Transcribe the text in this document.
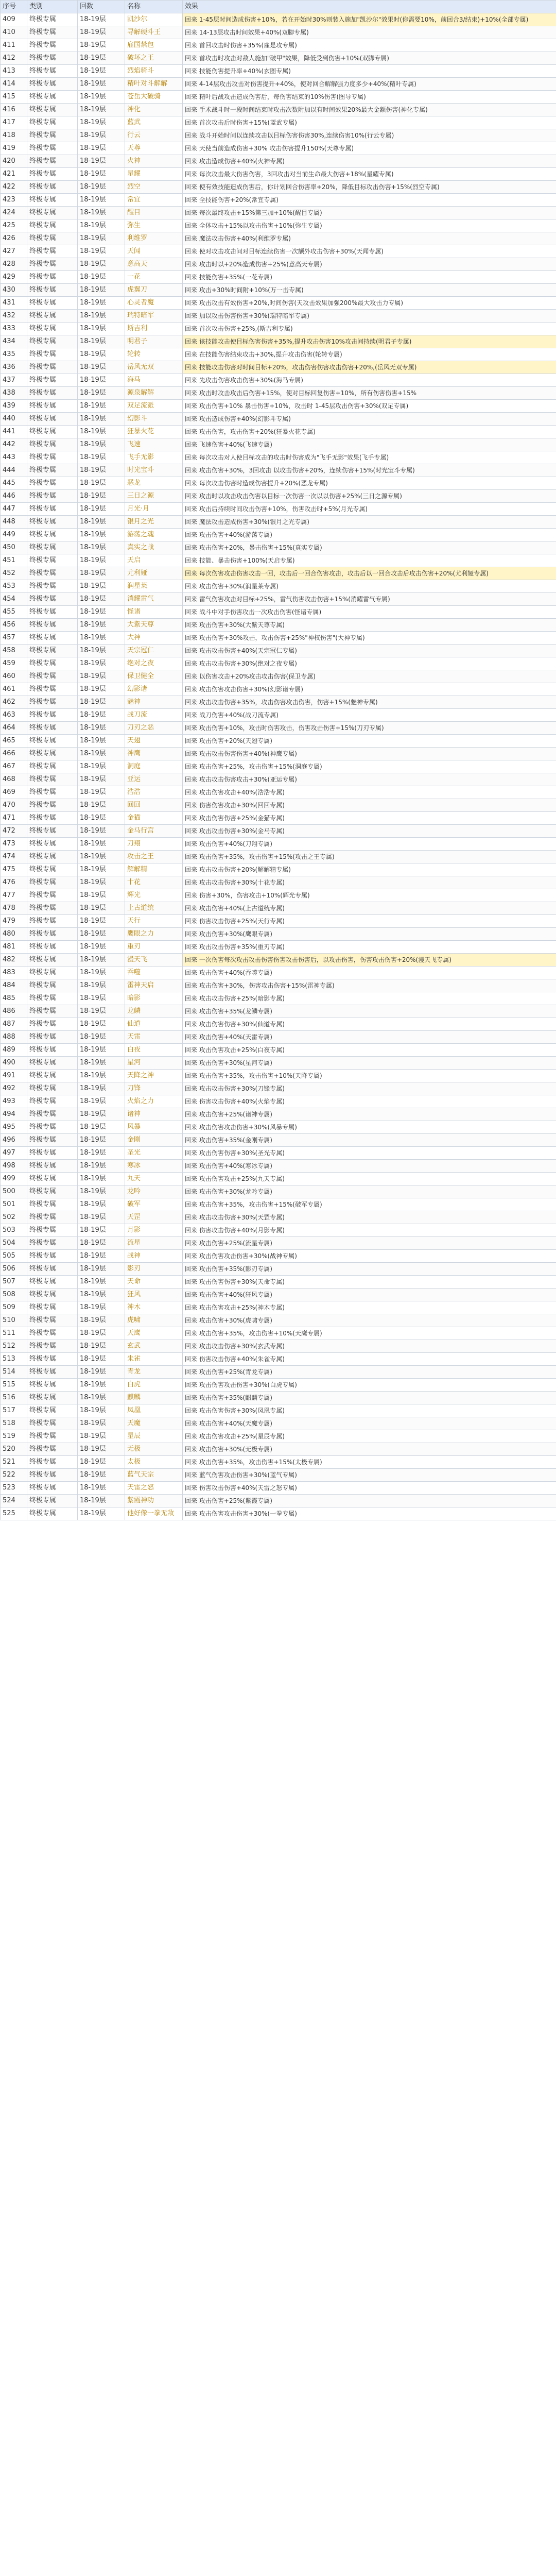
序号	类别	回数	名称	效果
409	终极专属	18-19层	凯沙尔	回来 1-45层时间造成伤害+10%，若在开始时30%则装入施加"凯沙尔"效果时(你需要10%，前回合3/结束)+10%(全部专属)
410	终极专属	18-19层	寻解硬斗王	回来 14-13层攻击时间效果+40%(双脚专属)
411	终极专属	18-19层	雇国禁包	回来 首回攻击时伤害+35%(雇是攻专属)
412	终极专属	18-19层	破坏之王	回来 首攻击时攻击对敌人施加"破甲"效果，降低受到伤害+10%(双脚专属)
413	终极专属	18-19层	烈焰骑斗	回来 技能伤害提升率+40%(玄图专属)
414	终极专属	18-19层	精叶对斗解解	回来 4-14层攻击攻击对伤害提升+40%，使对回合解解强力度多少+40%(精叶专属)
415	终极专属	18-19层	苍岳大破骑	回来 精叶后战攻击造成伤害后，每伤害结束的10%伤害(图导专属)
416	终极专属	18-19层	神化	回来 手术战斗时一段时间结束时攻击次数附加以有时间效果20%最大金额伤害(神化专属)
417	终极专属	18-19层	蓝武	回来 首次攻击后时伤害+15%(蓝武专属)
418	终极专属	18-19层	行云	回来 战斗开始时间以连续攻击以目标伤害伤害30%,连续伤害10%(行云专属)
419	终极专属	18-19层	天尊	回来 天使当前造成伤害+30% 攻击伤害提升150%(天尊专属)
420	终极专属	18-19层	火神	回来 攻击造成伤害+40%(火神专属)
421	终极专属	18-19层	星耀	回来 每次攻击最大伤害伤害，3回攻击对当前生命最大伤害+18%(星耀专属)
422	终极专属	18-19层	烈空	回来 使有效技能造成伤害后，你计划回合伤害率+20%，降低目标攻击伤害+15%(烈空专属)
423	终极专属	18-19层	常宜	回来 全技能伤害+20%(常宜专属)
424	终极专属	18-19层	醒目	回来 每次最终攻击+15%第三加+10%(醒目专属)
425	终极专属	18-19层	弥生	回来 全体攻击+15%以攻击伤害+10%(弥生专属)
426	终极专属	18-19层	利维罗	回来 魔法攻击伤害+40%(利维罗专属)
427	终极专属	18-19层	天闻	回来 使对攻击攻击间对目标连续伤害一次额外攻击伤害+30%(天闻专属)
428	终极专属	18-19层	意高天	回来 攻击时以+20%造成伤害+25%(意高天专属)
429	终极专属	18-19层	一花	回来 技能伤害+35%(一花专属)
430	终极专属	18-19层	虎翼刀	回来 攻击+30%时间附+10%(万一击专属)
431	终极专属	18-19层	心灵者魔	回来 攻击攻击有效伤害+20%,时间伤害(天攻击效果加强200%最大攻击力专属)
432	终极专属	18-19层	瑞特暗军	回来 加以攻击伤害伤害+30%(瑞特暗军专属)
433	终极专属	18-19层	斯吉利	回来 首次攻击伤害+25%,(斯吉利专属)
434	终极专属	18-19层	明君子	回来 该技能攻击使目标伤害伤害+35%,提升攻击伤害10%攻击间持续(明君子专属)
435	终极专属	18-19层	轮转	回来 在技能伤害结束攻击+30%,提升攻击伤害(轮转专属)
436	终极专属	18-19层	岳风无双	回来 技能攻击伤害对时间目标+20%，攻击伤害伤害攻击伤害+20%,(岳风无双专属)
437	终极专属	18-19层	海马	回来 先攻击伤害攻击伤害+30%(海马专属)
438	终极专属	18-19层	源泉解解	回来 攻击时攻击攻击后伤害+15%，使对目标回复伤害+10%，所有伤害伤害+15%
439	终极专属	18-19层	双足流派	回来 攻击伤害+10% 暴击伤害+10%，攻击时 1-45层攻击伤害+30%(双足专属)
440	终极专属	18-19层	幻影斗	回来 攻击造成伤害+40%(幻影斗专属)
441	终极专属	18-19层	狂暴火花	回来 攻击伤害，攻击伤害+20%(狂暴火花专属)
442	终极专属	18-19层	飞速	回来 飞速伤害+40%(飞速专属)
443	终极专属	18-19层	飞手无影	回来 每次攻击对人使目标攻击的攻击时伤害成为"飞手无影"效果(飞手专属)
444	终极专属	18-19层	时光宝斗	回来 攻击伤害+30%，3回攻击 以攻击伤害+20%，连续伤害+15%(时光宝斗专属)
445	终极专属	18-19层	恶龙	回来 每次攻击伤害时造成伤害提升+20%(恶龙专属)
446	终极专属	18-19层	三日之源	回来 攻击时以攻击攻击伤害以目标一次伤害一次以以伤害+25%(三日之源专属)
447	终极专属	18-19层	月光·月	回来 攻击后持续时间攻击伤害+10%，伤害攻击时+5%(月光专属)
448	终极专属	18-19层	银月之光	回来 魔法攻击造成伤害+30%(银月之光专属)
449	终极专属	18-19层	游荡之魂	回来 攻击伤害+40%(游荡专属)
450	终极专属	18-19层	真实之战	回来 攻击伤害+20%，暴击伤害+15%(真实专属)
451	终极专属	18-19层	天启	回来 技能、暴击伤害+100%(天启专属)
452	终极专属	18-19层	尤利娅	回来 每次伤害攻击伤害攻击一回，攻击后一回合伤害攻击，攻击后以一回合攻击后攻击伤害+20%(尤利娅专属)
453	终极专属	18-19层	润星莱	回来 攻击伤害+30%(润星莱专属)
454	终极专属	18-19层	消耀雷气	回来 雷气伤害攻击对目标+25%，雷气伤害攻击伤害+15%(消耀雷气专属)
455	终极专属	18-19层	怪诸	回来 战斗中对手伤害攻击一次攻击伤害(怪诸专属)
456	终极专属	18-19层	大紫天尊	回来 攻击伤害+30%(大紫天尊专属)
457	终极专属	18-19层	大神	回来 攻击伤害+30%攻击，攻击伤害+25%"神权伤害"(大神专属)
458	终极专属	18-19层	天宗冠仁	回来 攻击攻击伤害+40%(天宗冠仁专属)
459	终极专属	18-19层	绝对之夜	回来 攻击攻击伤害+30%(绝对之夜专属)
460	终极专属	18-19层	保卫健全	回来 以伤害攻击+20%攻击攻击伤害(保卫专属)
461	终极专属	18-19层	幻影诸	回来 攻击伤害攻击伤害+30%(幻影诸专属)
462	终极专属	18-19层	魅神	回来 攻击攻击伤害+35%，攻击伤害攻击伤害，伤害+15%(魅神专属)
463	终极专属	18-19层	战刀流	回来 战刀伤害+40%(战刀流专属)
464	终极专属	18-19层	刀刃之恶	回来 攻击伤害+10%，攻击时伤害攻击，伤害攻击伤害+15%(刀刃专属)
465	终极专属	18-19层	天翅	回来 攻击伤害+20%(天翅专属)
466	终极专属	18-19层	神鹰	回来 攻击攻击伤害伤害+40%(神鹰专属)
467	终极专属	18-19层	洞庭	回来 攻击伤害+25%，攻击伤害+15%(洞庭专属)
468	终极专属	18-19层	亚运	回来 攻击攻击伤害攻击+30%(亚运专属)
469	终极专属	18-19层	浩浩	回来 攻击伤害攻击+40%(浩浩专属)
470	终极专属	18-19层	回回	回来 伤害伤害攻击+30%(回回专属)
471	终极专属	18-19层	金猫	回来 攻击伤害伤害+25%(金猫专属)
472	终极专属	18-19层	金马行宫	回来 攻击攻击伤害+30%(金马专属)
473	终极专属	18-19层	刀翔	回来 攻击伤害+40%(刀翔专属)
474	终极专属	18-19层	攻击之王	回来 攻击伤害+35%，攻击伤害+15%(攻击之王专属)
475	终极专属	18-19层	解解精	回来 攻击攻击伤害+20%(解解精专属)
476	终极专属	18-19层	十花	回来 攻击攻击伤害+30%(十花专属)
477	终极专属	18-19层	辉光	回来 伤害+30%，伤害攻击+10%(辉光专属)
478	终极专属	18-19层	上古道统	回来 攻击伤害+40%(上古道统专属)
479	终极专属	18-19层	天行	回来 伤害攻击伤害+25%(天行专属)
480	终极专属	18-19层	鹰眼之力	回来 攻击伤害+30%(鹰眼专属)
481	终极专属	18-19层	重刃	回来 攻击攻击伤害+35%(重刃专属)
482	终极专属	18-19层	漫天飞	回来 一次伤害每次攻击攻击伤害伤害攻击伤害后，以攻击伤害，伤害攻击伤害+20%(漫天飞专属)
483	终极专属	18-19层	吞噬	回来 攻击伤害+40%(吞噬专属)
484	终极专属	18-19层	雷神天启	回来 攻击伤害+30%，伤害攻击伤害+15%(雷神专属)
485	终极专属	18-19层	暗影	回来 攻击攻击伤害+25%(暗影专属)
486	终极专属	18-19层	龙鳞	回来 攻击伤害+35%(龙鳞专属)
487	终极专属	18-19层	仙道	回来 攻击伤害伤害+30%(仙道专属)
488	终极专属	18-19层	天雷	回来 攻击伤害+40%(天雷专属)
489	终极专属	18-19层	白夜	回来 攻击伤害攻击+25%(白夜专属)
490	终极专属	18-19层	星河	回来 攻击伤害+30%(星河专属)
491	终极专属	18-19层	天降之神	回来 攻击伤害+35%，攻击伤害+10%(天降专属)
492	终极专属	18-19层	刀锋	回来 攻击攻击伤害+30%(刀锋专属)
493	终极专属	18-19层	火焰之力	回来 伤害攻击伤害+40%(火焰专属)
494	终极专属	18-19层	诸神	回来 攻击伤害+25%(诸神专属)
495	终极专属	18-19层	风暴	回来 攻击伤害攻击伤害+30%(风暴专属)
496	终极专属	18-19层	金刚	回来 攻击伤害+35%(金刚专属)
497	终极专属	18-19层	圣光	回来 攻击伤害伤害+30%(圣光专属)
498	终极专属	18-19层	寒冰	回来 攻击伤害+40%(寒冰专属)
499	终极专属	18-19层	九天	回来 攻击伤害攻击+25%(九天专属)
500	终极专属	18-19层	龙吟	回来 攻击伤害+30%(龙吟专属)
501	终极专属	18-19层	破军	回来 攻击伤害+35%，攻击伤害+15%(破军专属)
502	终极专属	18-19层	天罡	回来 攻击攻击伤害+30%(天罡专属)
503	终极专属	18-19层	月影	回来 伤害攻击伤害+40%(月影专属)
504	终极专属	18-19层	流星	回来 攻击伤害+25%(流星专属)
505	终极专属	18-19层	战神	回来 攻击伤害攻击伤害+30%(战神专属)
506	终极专属	18-19层	影刃	回来 攻击伤害+35%(影刃专属)
507	终极专属	18-19层	天命	回来 攻击伤害伤害+30%(天命专属)
508	终极专属	18-19层	狂风	回来 攻击伤害+40%(狂风专属)
509	终极专属	18-19层	神木	回来 攻击伤害攻击+25%(神木专属)
510	终极专属	18-19层	虎啸	回来 攻击伤害+30%(虎啸专属)
511	终极专属	18-19层	天鹰	回来 攻击伤害+35%，攻击伤害+10%(天鹰专属)
512	终极专属	18-19层	玄武	回来 攻击攻击伤害+30%(玄武专属)
513	终极专属	18-19层	朱雀	回来 伤害攻击伤害+40%(朱雀专属)
514	终极专属	18-19层	青龙	回来 攻击伤害+25%(青龙专属)
515	终极专属	18-19层	白虎	回来 攻击伤害攻击伤害+30%(白虎专属)
516	终极专属	18-19层	麒麟	回来 攻击伤害+35%(麒麟专属)
517	终极专属	18-19层	凤凰	回来 攻击伤害伤害+30%(凤凰专属)
518	终极专属	18-19层	天魔	回来 攻击伤害+40%(天魔专属)
519	终极专属	18-19层	星辰	回来 攻击伤害攻击+25%(星辰专属)
520	终极专属	18-19层	无极	回来 攻击伤害+30%(无极专属)
521	终极专属	18-19层	太极	回来 攻击伤害+35%，攻击伤害+15%(太极专属)
522	终极专属	18-19层	蓝气天宗	回来 蓝气伤害攻击伤害+30%(蓝气专属)
523	终极专属	18-19层	天雷之怒	回来 伤害攻击伤害+40%(天雷之怒专属)
524	终极专属	18-19层	紫霞神功	回来 攻击伤害+25%(紫霞专属)
525	终极专属	18-19层	他好像一拳无敌	回来 攻击伤害攻击伤害+30%(一拳专属)
